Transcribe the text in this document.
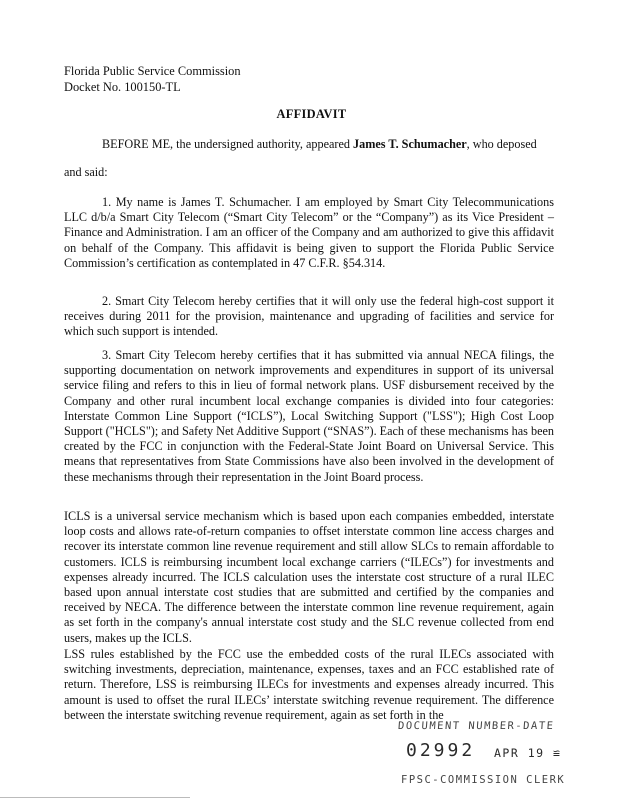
Florida Public Service Commission
Docket No. 100150-TL
AFFIDAVIT

BEFORE ME, the undersigned authority, appeared James T. Schumacher, who deposed

and said:

1. My name is James T. Schumacher. I am employed by Smart City Telecommunications LLC d/b/a Smart City Telecom (“Smart City Telecom” or the “Company”) as its Vice President – Finance and Administration. I am an officer of the Company and am authorized to give this affidavit on behalf of the Company. This affidavit is being given to support the Florida Public Service Commission’s certification as contemplated in 47 C.F.R. §54.314.

2. Smart City Telecom hereby certifies that it will only use the federal high-cost support it receives during 2011 for the provision, maintenance and upgrading of facilities and service for which such support is intended.

3. Smart City Telecom hereby certifies that it has submitted via annual NECA filings, the supporting documentation on network improvements and expenditures in support of its universal service filing and refers to this in lieu of formal network plans. USF disbursement received by the Company and other rural incumbent local exchange companies is divided into four categories: Interstate Common Line Support (“ICLS”), Local Switching Support ("LSS"); High Cost Loop Support ("HCLS"); and Safety Net Additive Support (“SNAS”). Each of these mechanisms has been created by the FCC in conjunction with the Federal-State Joint Board on Universal Service. This means that representatives from State Commissions have also been involved in the development of these mechanisms through their representation in the Joint Board process.

ICLS is a universal service mechanism which is based upon each companies embedded, interstate loop costs and allows rate-of-return companies to offset interstate common line access charges and recover its interstate common line revenue requirement and still allow SLCs to remain affordable to customers. ICLS is reimbursing incumbent local exchange carriers (“ILECs”) for investments and expenses already incurred. The ICLS calculation uses the interstate cost structure of a rural ILEC based upon annual interstate cost studies that are submitted and certified by the companies and received by NECA. The difference between the interstate common line revenue requirement, again as set forth in the company's annual interstate cost study and the SLC revenue collected from end users, makes up the ICLS.

LSS rules established by the FCC use the embedded costs of the rural ILECs associated with switching investments, depreciation, maintenance, expenses, taxes and an FCC established rate of return. Therefore, LSS is reimbursing ILECs for investments and expenses already incurred. This amount is used to offset the rural ILECs’ interstate switching revenue requirement. The difference between the interstate switching revenue requirement, again as set forth in the

DOCUMENT NUMBER-DATE
02992 APR 19 ≌
FPSC-COMMISSION CLERK
